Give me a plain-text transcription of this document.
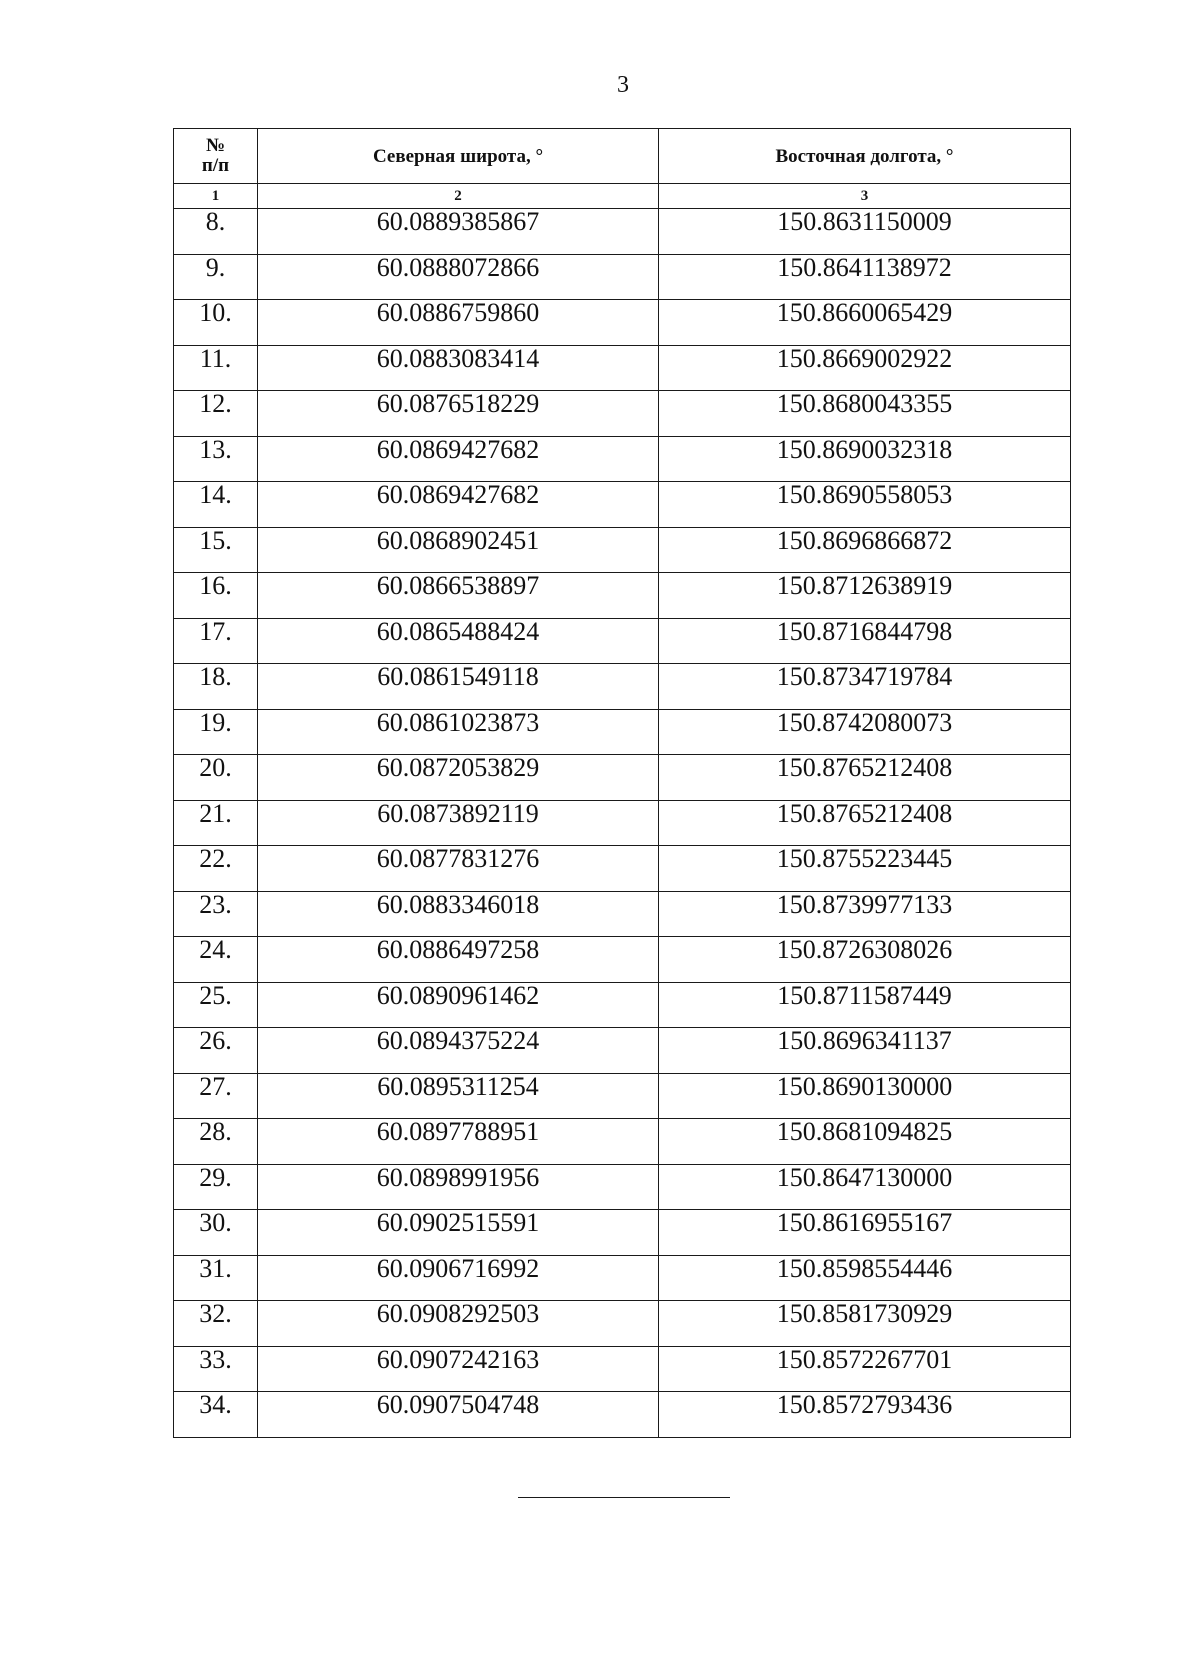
3
№
п/п	Северная широта, °	Восточная долгота, °
1	2	3
8.	60.0889385867	150.8631150009
9.	60.0888072866	150.8641138972
10.	60.0886759860	150.8660065429
11.	60.0883083414	150.8669002922
12.	60.0876518229	150.8680043355
13.	60.0869427682	150.8690032318
14.	60.0869427682	150.8690558053
15.	60.0868902451	150.8696866872
16.	60.0866538897	150.8712638919
17.	60.0865488424	150.8716844798
18.	60.0861549118	150.8734719784
19.	60.0861023873	150.8742080073
20.	60.0872053829	150.8765212408
21.	60.0873892119	150.8765212408
22.	60.0877831276	150.8755223445
23.	60.0883346018	150.8739977133
24.	60.0886497258	150.8726308026
25.	60.0890961462	150.8711587449
26.	60.0894375224	150.8696341137
27.	60.0895311254	150.8690130000
28.	60.0897788951	150.8681094825
29.	60.0898991956	150.8647130000
30.	60.0902515591	150.8616955167
31.	60.0906716992	150.8598554446
32.	60.0908292503	150.8581730929
33.	60.0907242163	150.8572267701
34.	60.0907504748	150.8572793436
